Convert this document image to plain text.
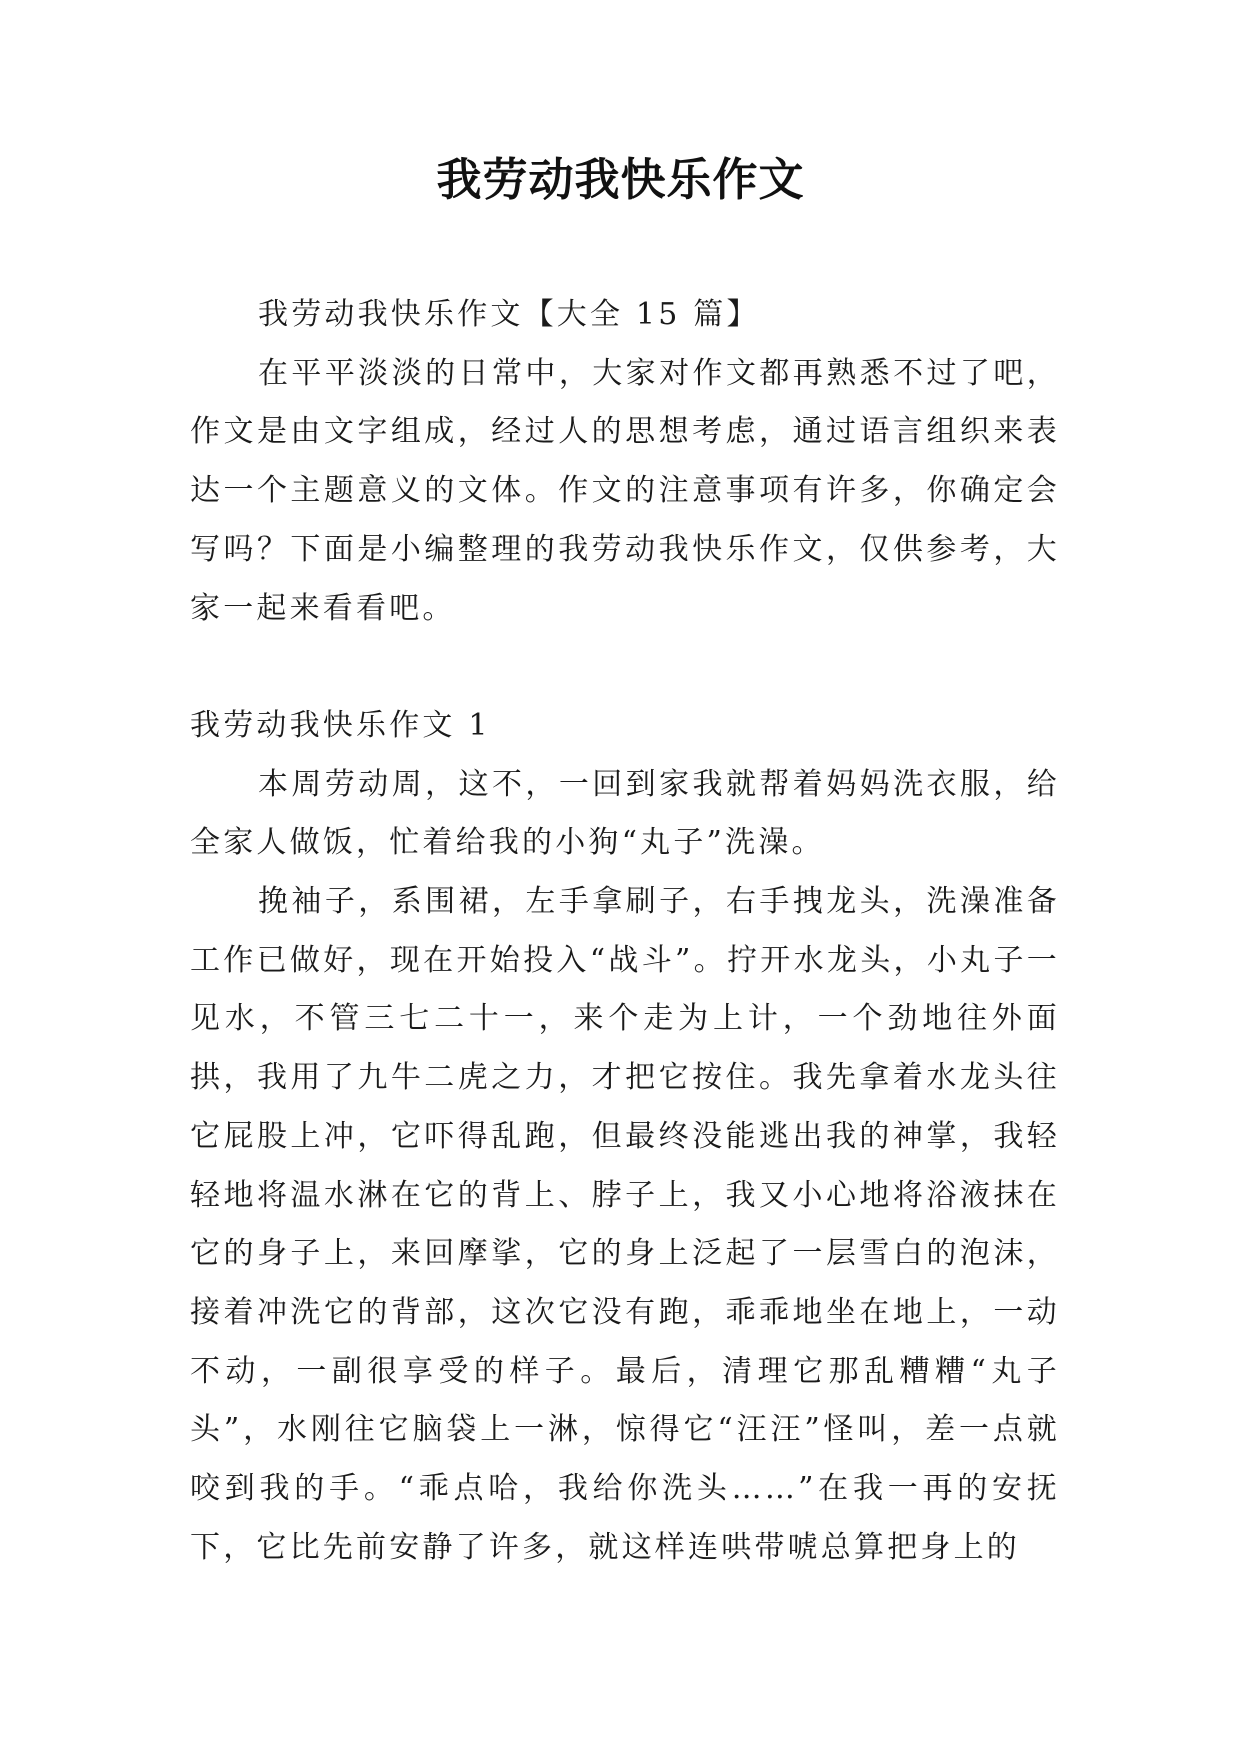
我劳动我快乐作文

我劳动我快乐作文【大全 15 篇】

在平平淡淡的日常中，大家对作文都再熟悉不过了吧，作文是由文字组成，经过人的思想考虑，通过语言组织来表达一个主题意义的文体。作文的注意事项有许多，你确定会写吗？下面是小编整理的我劳动我快乐作文，仅供参考，大家一起来看看吧。

我劳动我快乐作文 1

本周劳动周，这不，一回到家我就帮着妈妈洗衣服，给全家人做饭，忙着给我的小狗“丸子”洗澡。

挽袖子，系围裙，左手拿刷子，右手拽龙头，洗澡准备工作已做好，现在开始投入“战斗”。拧开水龙头，小丸子一见水，不管三七二十一，来个走为上计，一个劲地往外面拱，我用了九牛二虎之力，才把它按住。我先拿着水龙头往它屁股上冲，它吓得乱跑，但最终没能逃出我的神掌，我轻轻地将温水淋在它的背上、脖子上，我又小心地将浴液抹在它的身子上，来回摩挲，它的身上泛起了一层雪白的泡沫，接着冲洗它的背部，这次它没有跑，乖乖地坐在地上，一动不动，一副很享受的样子。最后，清理它那乱糟糟“丸子头”，水刚往它脑袋上一淋，惊得它“汪汪”怪叫，差一点就咬到我的手。“乖点哈，我给你洗头……”在我一再的安抚下，它比先前安静了许多，就这样连哄带唬总算把身上的
